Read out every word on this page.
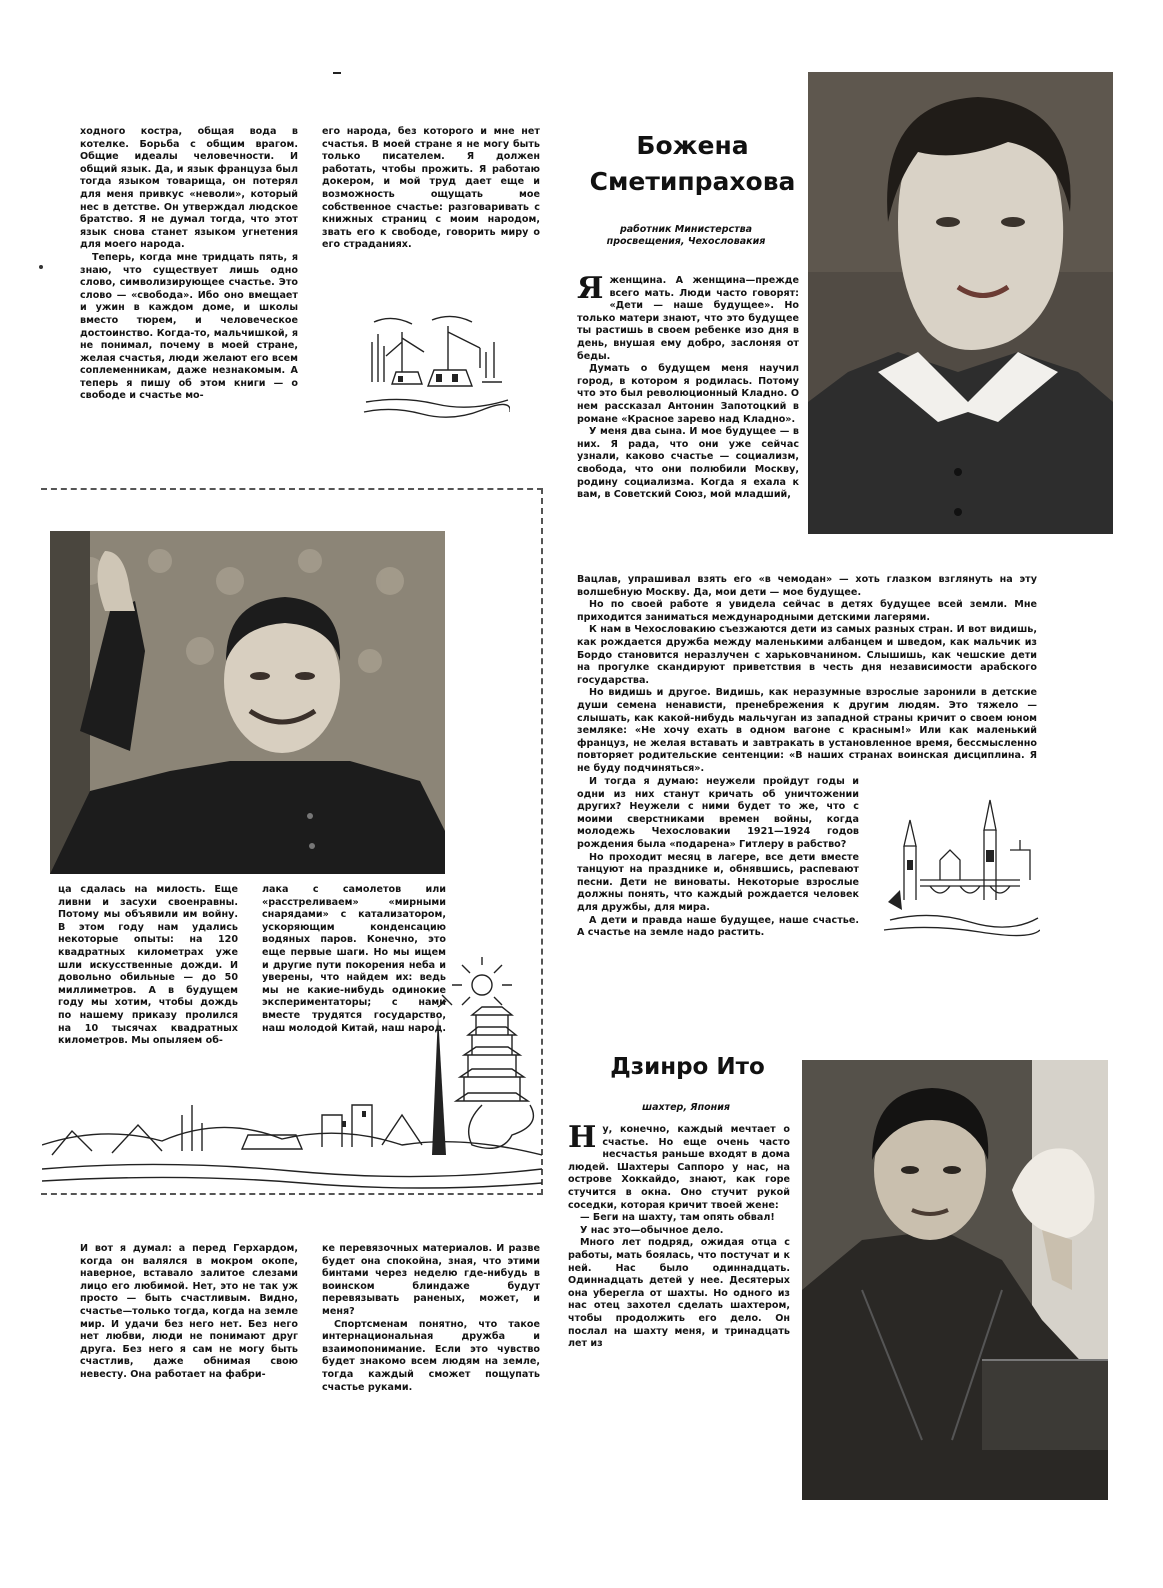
ходного костра, общая вода в котелке. Борьба с общим врагом. Общие идеалы человечности. И общий язык. Да, и язык француза был тогда языком товарища, он потерял для меня привкус «неволи», который нес в детстве. Он утверждал людское братство. Я не думал тогда, что этот язык снова станет языком угнетения для моего народа.

Теперь, когда мне тридцать пять, я знаю, что существует лишь одно слово, символизирующее счастье. Это слово — «свобода». Ибо оно вмещает и ужин в каждом доме, и школы вместо тюрем, и человеческое достоинство. Когда-то, мальчишкой, я не понимал, почему в моей стране, желая счастья, люди желают его всем соплеменникам, даже незнакомым. А теперь я пишу об этом книги — о свободе и счастье мо-

его народа, без которого и мне нет счастья. В моей стране я не могу быть только писателем. Я должен работать, чтобы прожить. Я работаю докером, и мой труд дает еще и возможность ощущать мое собственное счастье: разговаривать с книжных страниц с моим народом, звать его к свободе, говорить миру о его страданиях.

Божена
Сметипрахова
работник Министерства просвещения, Чехословакия

Яженщина. А женщина—прежде всего мать. Люди часто говорят: «Дети — наше будущее». Но только матери знают, что это будущее ты растишь в своем ребенке изо дня в день, внушая ему добро, заслоняя от беды.

Думать о будущем меня научил город, в котором я родилась. Потому что это был революционный Кладно. О нем рассказал Антонин Запотоцкий в романе «Красное зарево над Кладно».

У меня два сына. И мое будущее — в них. Я рада, что они уже сейчас узнали, каково счастье — социализм, свобода, что они полюбили Москву, родину социализма. Когда я ехала к вам, в Советский Союз, мой младший,

Вацлав, упрашивал взять его «в чемодан» — хоть глазком взглянуть на эту волшебную Москву. Да, мои дети — мое будущее.

Но по своей работе я увидела сейчас в детях будущее всей земли. Мне приходится заниматься международными детскими лагерями.

К нам в Чехословакию съезжаются дети из самых разных стран. И вот видишь, как рождается дружба между маленькими албанцем и шведом, как мальчик из Бордо становится неразлучен с харьковчанином. Слышишь, как чешские дети на прогулке скандируют приветствия в честь дня независимости арабского государства.

Но видишь и другое. Видишь, как неразумные взрослые заронили в детские души семена ненависти, пренебрежения к другим людям. Это тяжело — слышать, как какой-нибудь мальчуган из западной страны кричит о своем юном земляке: «Не хочу ехать в одном вагоне с красным!» Или как маленький француз, не желая вставать и завтракать в установленное время, бессмысленно повторяет родительские сентенции: «В наших странах воинская дисциплина. Я не буду подчиняться».

И тогда я думаю: неужели пройдут годы и одни из них станут кричать об уничтожении других? Неужели с ними будет то же, что с моими сверстниками времен войны, когда молодежь Чехословакии 1921—1924 годов рождения была «подарена» Гитлеру в рабство?

Но проходит месяц в лагере, все дети вместе танцуют на празднике и, обнявшись, распевают песни. Дети не виноваты. Некоторые взрослые должны понять, что каждый рождается человек для дружбы, для мира.

А дети и правда наше будущее, наше счастье. А счастье на земле надо растить.

ца сдалась на милость. Еще ливни и засухи своенравны. Потому мы объявили им войну. В этом году нам удались некоторые опыты: на 120 квадратных километрах уже шли искусственные дожди. И довольно обильные — до 50 миллиметров. А в будущем году мы хотим, чтобы дождь по нашему приказу пролился на 10 тысячах квадратных километров. Мы опыляем об-

лака с самолетов или «расстреливаем» «мирными снарядами» с катализатором, ускоряющим конденсацию водяных паров. Конечно, это еще первые шаги. Но мы ищем и другие пути покорения неба и уверены, что найдем их: ведь мы не какие-нибудь одинокие экспериментаторы; с нами вместе трудятся государство, наш молодой Китай, наш народ.

И вот я думал: а перед Герхардом, когда он валялся в мокром окопе, наверное, вставало залитое слезами лицо его любимой. Нет, это не так уж просто — быть счастливым. Видно, счастье—только тогда, когда на земле мир. И удачи без него нет. Без него нет любви, люди не понимают друг друга. Без него я сам не могу быть счастлив, даже обнимая свою невесту. Она работает на фабри-

ке перевязочных материалов. И разве будет она спокойна, зная, что этими бинтами через неделю где-нибудь в воинском блиндаже будут перевязывать раненых, может, и меня?

Спортсменам понятно, что такое интернациональная дружба и взаимопонимание. Если это чувство будет знакомо всем людям на земле, тогда каждый сможет пощупать счастье руками.

Дзинро Ито
шахтер, Япония

Ну, конечно, каждый мечтает о счастье. Но еще очень часто несчастья раньше входят в дома людей. Шахтеры Саппоро у нас, на острове Хоккайдо, знают, как горе стучится в окна. Оно стучит рукой соседки, которая кричит твоей жене:

— Беги на шахту, там опять обвал!

У нас это—обычное дело.

Много лет подряд, ожидая отца с работы, мать боялась, что постучат и к ней. Нас было одиннадцать. Одиннадцать детей у нее. Десятерых она уберегла от шахты. Но одного из нас отец захотел сделать шахтером, чтобы продолжить его дело. Он послал на шахту меня, и тринадцать лет из
